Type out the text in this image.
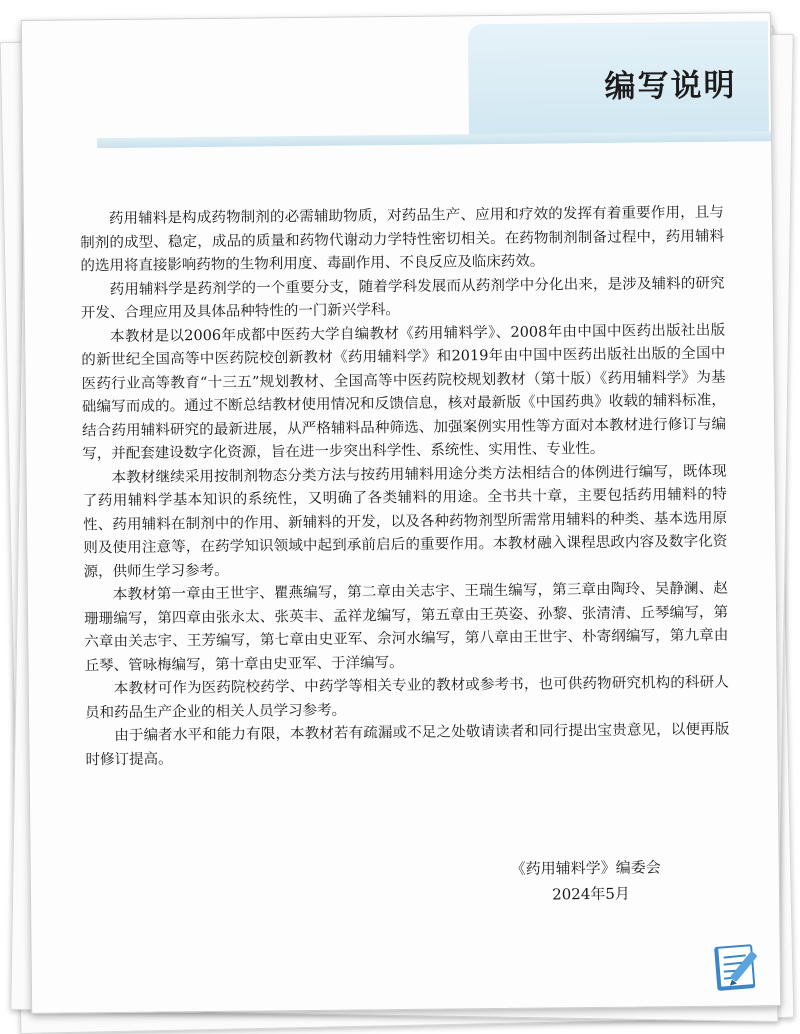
编写说明

药用辅料是构成药物制剂的必需辅助物质，对药品生产、应用和疗效的发挥有着重要作用，且与制剂的成型、稳定，成品的质量和药物代谢动力学特性密切相关。在药物制剂制备过程中，药用辅料的选用将直接影响药物的生物利用度、毒副作用、不良反应及临床药效。

药用辅料学是药剂学的一个重要分支，随着学科发展而从药剂学中分化出来，是涉及辅料的研究开发、合理应用及具体品种特性的一门新兴学科。

本教材是以2006年成都中医药大学自编教材《药用辅料学》、2008年由中国中医药出版社出版的新世纪全国高等中医药院校创新教材《药用辅料学》和2019年由中国中医药出版社出版的全国中医药行业高等教育“十三五”规划教材、全国高等中医药院校规划教材（第十版）《药用辅料学》为基础编写而成的。通过不断总结教材使用情况和反馈信息，核对最新版《中国药典》收载的辅料标准，结合药用辅料研究的最新进展，从严格辅料品种筛选、加强案例实用性等方面对本教材进行修订与编写，并配套建设数字化资源，旨在进一步突出科学性、系统性、实用性、专业性。

本教材继续采用按制剂物态分类方法与按药用辅料用途分类方法相结合的体例进行编写，既体现了药用辅料学基本知识的系统性，又明确了各类辅料的用途。全书共十章，主要包括药用辅料的特性、药用辅料在制剂中的作用、新辅料的开发，以及各种药物剂型所需常用辅料的种类、基本选用原则及使用注意等，在药学知识领域中起到承前启后的重要作用。本教材融入课程思政内容及数字化资源，供师生学习参考。

本教材第一章由王世宇、瞿燕编写，第二章由关志宇、王瑞生编写，第三章由陶玲、吴静澜、赵珊珊编写，第四章由张永太、张英丰、孟祥龙编写，第五章由王英姿、孙黎、张清清、丘琴编写，第六章由关志宇、王芳编写，第七章由史亚军、佘河水编写，第八章由王世宇、朴寄纲编写，第九章由丘琴、管咏梅编写，第十章由史亚军、于洋编写。

本教材可作为医药院校药学、中药学等相关专业的教材或参考书，也可供药物研究机构的科研人员和药品生产企业的相关人员学习参考。

由于编者水平和能力有限，本教材若有疏漏或不足之处敬请读者和同行提出宝贵意见，以便再版时修订提高。

《药用辅料学》编委会

2024年5月
